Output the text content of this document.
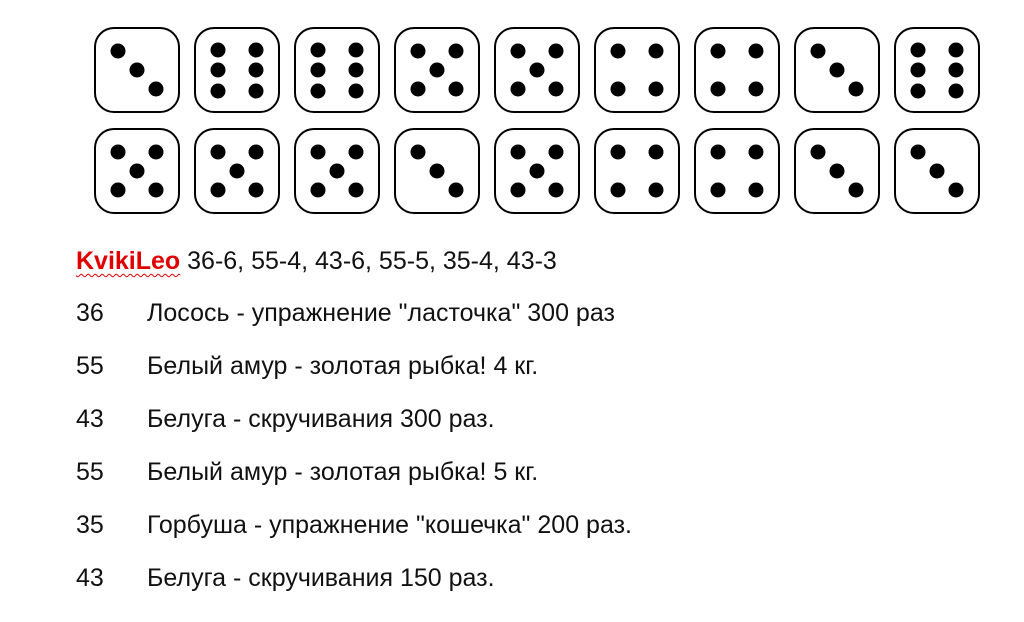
KvikiLeo 36-6, 55-4, 43-6, 55-5, 35-4, 43-3
36	Лосось - упражнение "ласточка" 300 раз
55	Белый амур - золотая рыбка! 4 кг.
43	Белуга - скручивания 300 раз.
55	Белый амур - золотая рыбка! 5 кг.
35	Горбуша - упражнение "кошечка" 200 раз.
43	Белуга - скручивания 150 раз.
